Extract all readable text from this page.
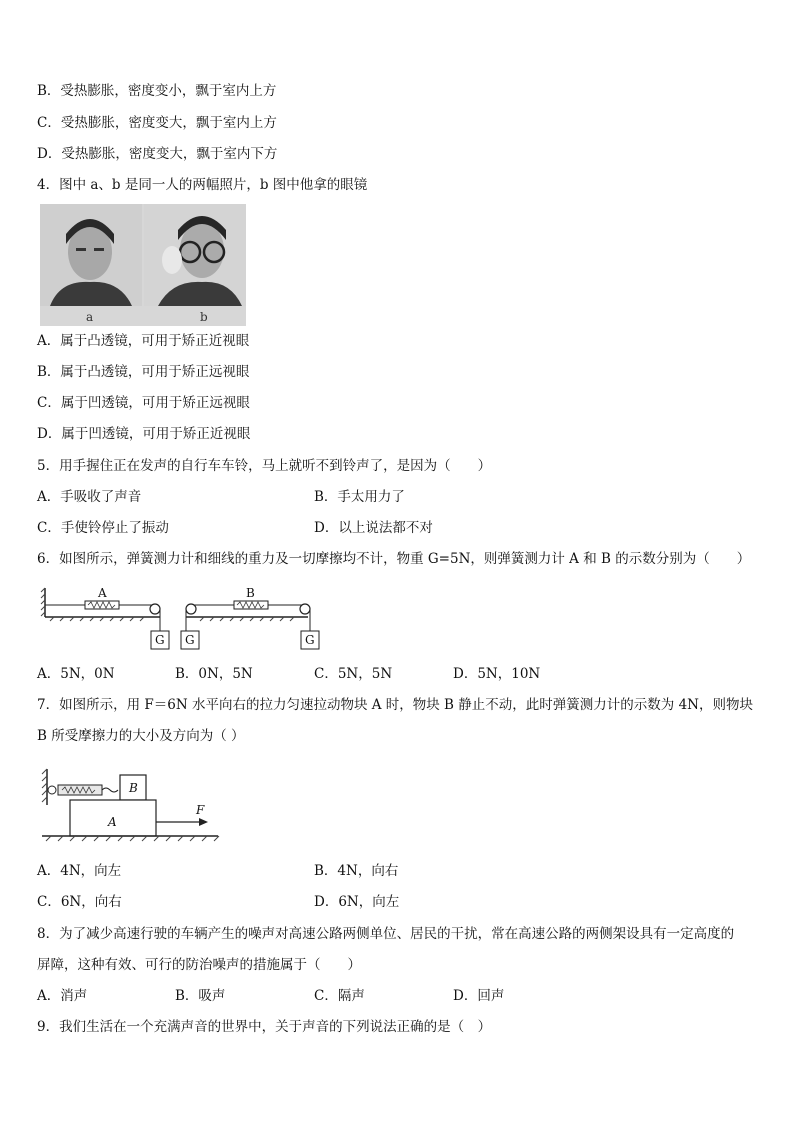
B．受热膨胀，密度变小，飘于室内上方
C．受热膨胀，密度变大，飘于室内上方
D．受热膨胀，密度变大，飘于室内下方
4．图中 a、b 是同一人的两幅照片，b 图中他拿的眼镜
a	b
A．属于凸透镜，可用于矫正近视眼
B．属于凸透镜，可用于矫正远视眼
C．属于凹透镜，可用于矫正远视眼
D．属于凹透镜，可用于矫正近视眼
5．用手握住正在发声的自行车车铃，马上就听不到铃声了，是因为（　　）
A．手吸收了声音	B．手太用力了
C．手使铃停止了振动	D．以上说法都不对
6．如图所示，弹簧测力计和细线的重力及一切摩擦均不计，物重 G=5N，则弹簧测力计 A 和 B 的示数分别为（　　）
A	B
G G	G
A．5N，0N	B．0N，5N	C．5N，5N	D．5N，10N
7．如图所示，用 F＝6N 水平向右的拉力匀速拉动物块 A 时，物块 B 静止不动，此时弹簧测力计的示数为 4N，则物块
B 所受摩擦力的大小及方向为（ ）
B
A
F
A．4N，向左	B．4N，向右
C．6N，向右	D．6N，向左
8．为了减少高速行驶的车辆产生的噪声对高速公路两侧单位、居民的干扰，常在高速公路的两侧架设具有一定高度的
屏障，这种有效、可行的防治噪声的措施属于（　　）
A．消声	B．吸声	C．隔声	D．回声
9．我们生活在一个充满声音的世界中，关于声音的下列说法正确的是（　）
